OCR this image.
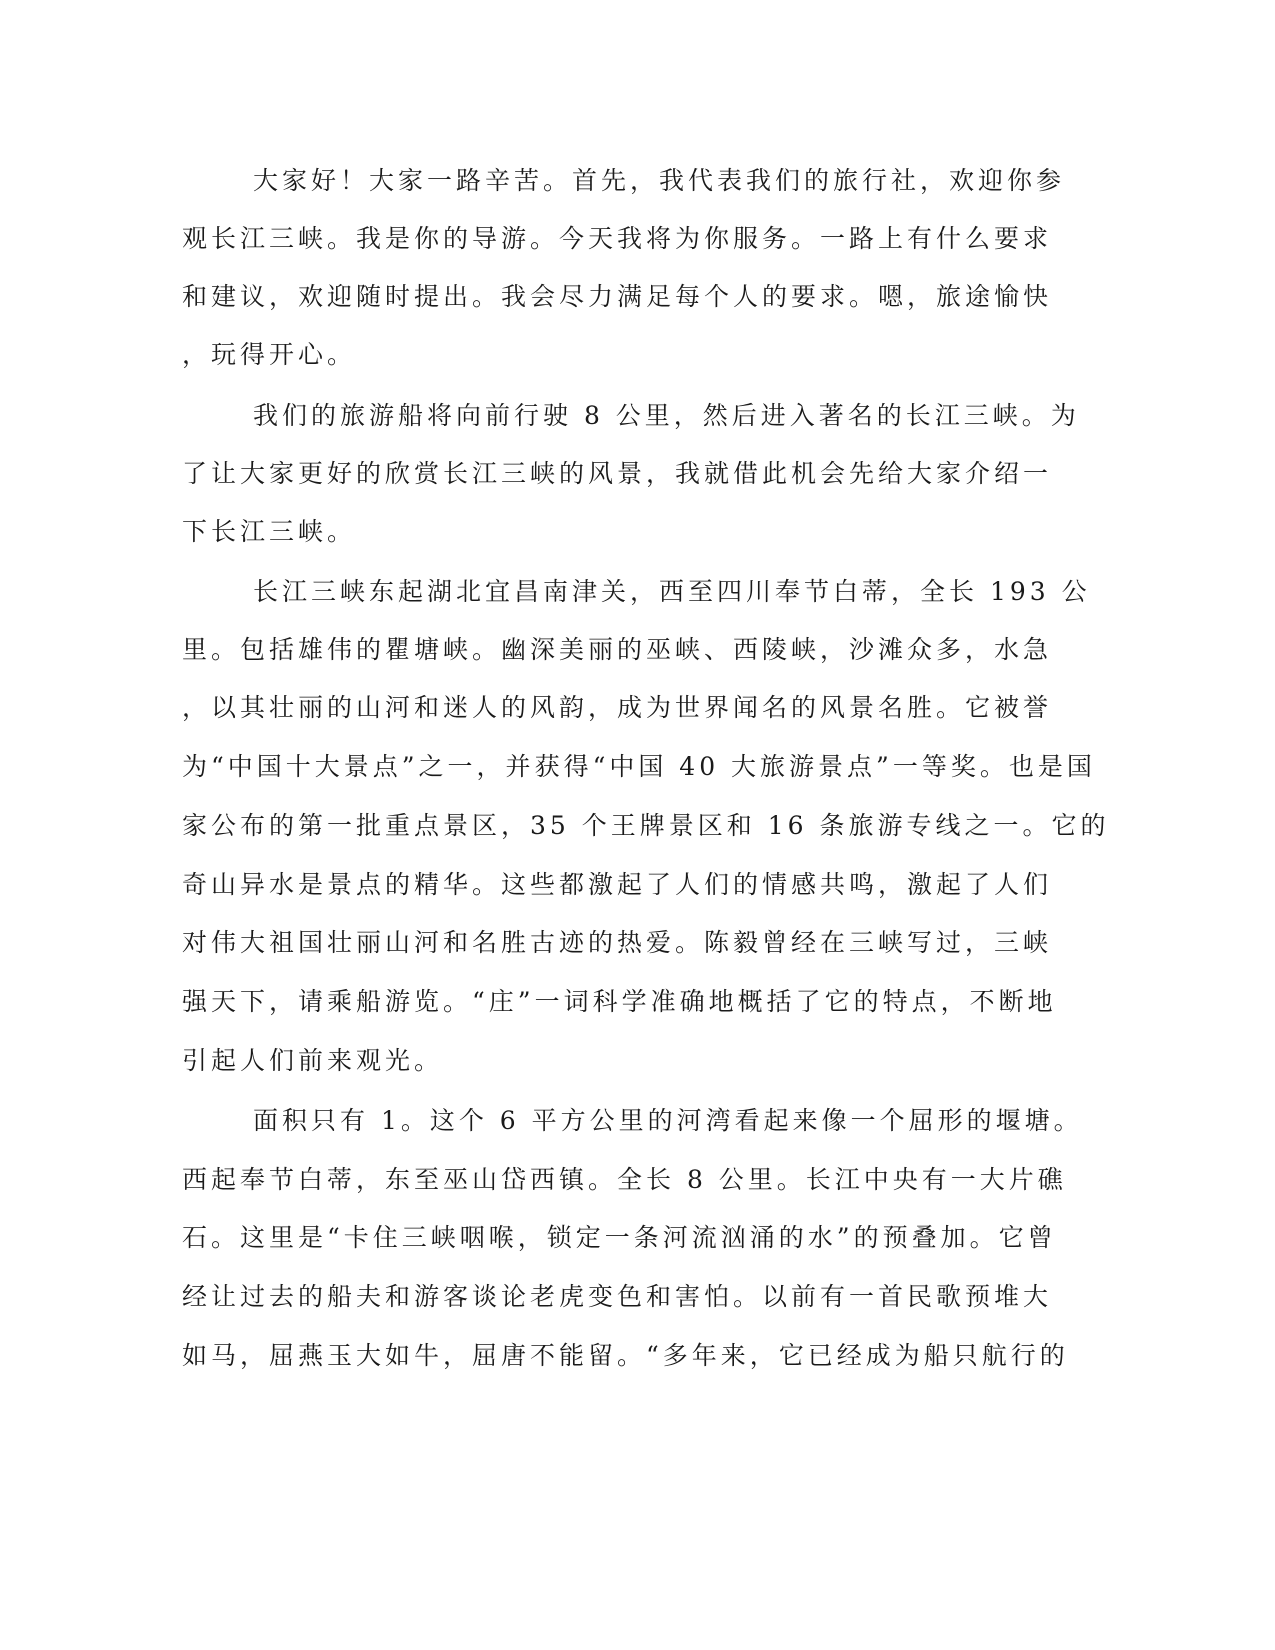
大家好！大家一路辛苦。首先，我代表我们的旅行社，欢迎你参
观长江三峡。我是你的导游。今天我将为你服务。一路上有什么要求
和建议，欢迎随时提出。我会尽力满足每个人的要求。嗯，旅途愉快
，玩得开心。
我们的旅游船将向前行驶 8 公里，然后进入著名的长江三峡。为
了让大家更好的欣赏长江三峡的风景，我就借此机会先给大家介绍一
下长江三峡。
长江三峡东起湖北宜昌南津关，西至四川奉节白蒂，全长 193 公
里。包括雄伟的瞿塘峡。幽深美丽的巫峡、西陵峡，沙滩众多，水急
，以其壮丽的山河和迷人的风韵，成为世界闻名的风景名胜。它被誉
为“中国十大景点”之一，并获得“中国 40 大旅游景点”一等奖。也是国
家公布的第一批重点景区，35 个王牌景区和 16 条旅游专线之一。它的
奇山异水是景点的精华。这些都激起了人们的情感共鸣，激起了人们
对伟大祖国壮丽山河和名胜古迹的热爱。陈毅曾经在三峡写过，三峡
强天下，请乘船游览。“庄”一词科学准确地概括了它的特点，不断地
引起人们前来观光。
面积只有 1。这个 6 平方公里的河湾看起来像一个屈形的堰塘。
西起奉节白蒂，东至巫山岱西镇。全长 8 公里。长江中央有一大片礁
石。这里是“卡住三峡咽喉，锁定一条河流汹涌的水”的预叠加。它曾
经让过去的船夫和游客谈论老虎变色和害怕。以前有一首民歌预堆大
如马，屈燕玉大如牛，屈唐不能留。“多年来，它已经成为船只航行的
